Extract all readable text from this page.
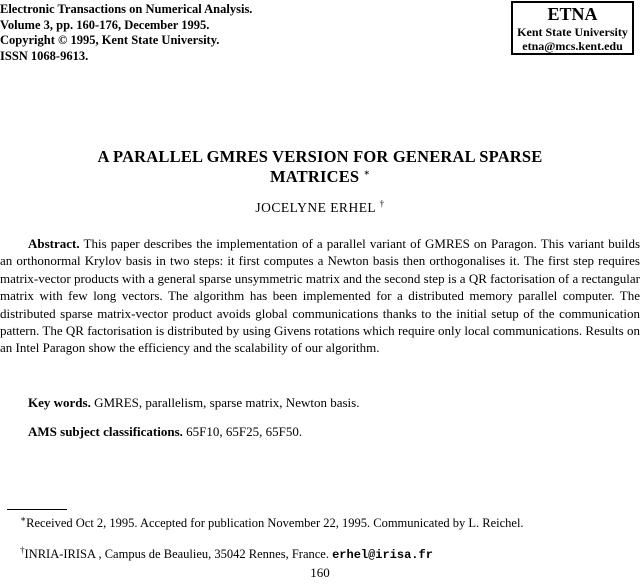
Electronic Transactions on Numerical Analysis.
Volume 3, pp. 160-176, December 1995.
Copyright © 1995, Kent State University.
ISSN 1068-9613.
ETNA
Kent State University
etna@mcs.kent.edu
A PARALLEL GMRES VERSION FOR GENERAL SPARSE
MATRICES ∗
JOCELYNE ERHEL †

Abstract. This paper describes the implementation of a parallel variant of GMRES on Paragon. This variant builds an orthonormal Krylov basis in two steps: it first computes a Newton basis then orthogonalises it. The first step requires matrix-vector products with a general sparse unsymmetric matrix and the second step is a QR factorisation of a rectangular matrix with few long vectors. The algorithm has been implemented for a distributed memory parallel computer. The distributed sparse matrix-vector product avoids global communications thanks to the initial setup of the communication pattern. The QR factorisation is distributed by using Givens rotations which require only local communications. Results on an Intel Paragon show the efficiency and the scalability of our algorithm.

Key words. GMRES, parallelism, sparse matrix, Newton basis.

AMS subject classifications. 65F10, 65F25, 65F50.

∗Received Oct 2, 1995. Accepted for publication November 22, 1995. Communicated by L. Reichel.

†INRIA-IRISA , Campus de Beaulieu, 35042 Rennes, France. erhel@irisa.fr

160
